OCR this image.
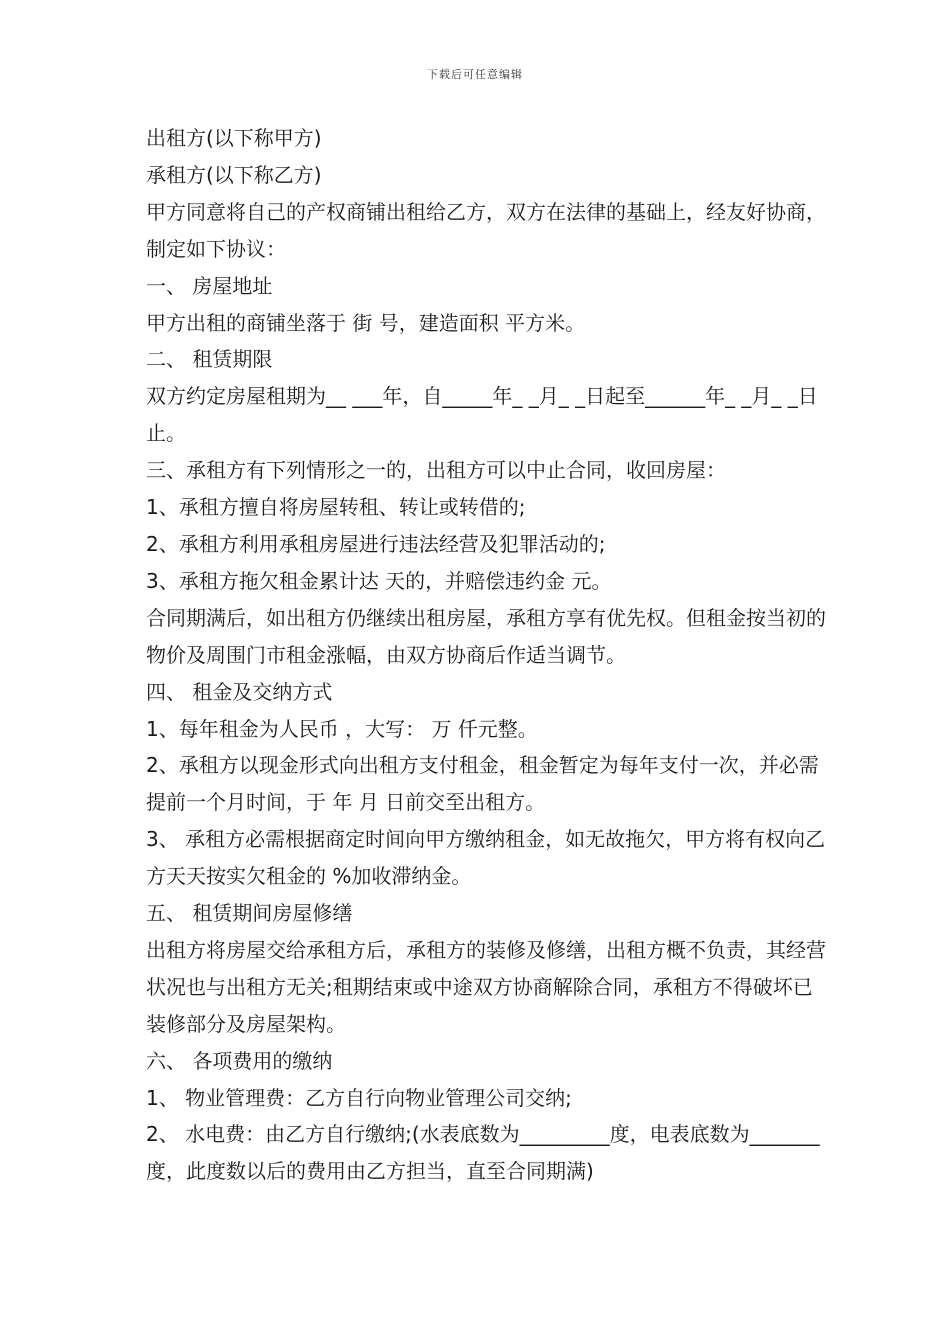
下载后可任意编辑

出租方(以下称甲方)

承租方(以下称乙方)

甲方同意将自己的产权商铺出租给乙方，双方在法律的基础上，经友好协商，制定如下协议：

一、 房屋地址

甲方出租的商铺坐落于 街 号，建造面积 平方米。

二、 租赁期限

双方约定房屋租期为__ ___年，自_____年_ _月_ _日起至______年_ _月_ _日止。

三、承租方有下列情形之一的，出租方可以中止合同，收回房屋：

1、承租方擅自将房屋转租、转让或转借的;

2、承租方利用承租房屋进行违法经营及犯罪活动的;

3、承租方拖欠租金累计达 天的，并赔偿违约金 元。

合同期满后，如出租方仍继续出租房屋，承租方享有优先权。但租金按当初的物价及周围门市租金涨幅，由双方协商后作适当调节。

四、 租金及交纳方式

1、每年租金为人民币 ，大写： 万 仟元整。

2、承租方以现金形式向出租方支付租金，租金暂定为每年支付一次，并必需提前一个月时间，于 年 月 日前交至出租方。

3、 承租方必需根据商定时间向甲方缴纳租金，如无故拖欠，甲方将有权向乙方天天按实欠租金的 %加收滞纳金。

五、 租赁期间房屋修缮

出租方将房屋交给承租方后，承租方的装修及修缮，出租方概不负责，其经营状况也与出租方无关;租期结束或中途双方协商解除合同，承租方不得破坏已装修部分及房屋架构。

六、 各项费用的缴纳

1、 物业管理费：乙方自行向物业管理公司交纳;

2、 水电费：由乙方自行缴纳;(水表底数为_________度，电表底数为_______度，此度数以后的费用由乙方担当，直至合同期满)
